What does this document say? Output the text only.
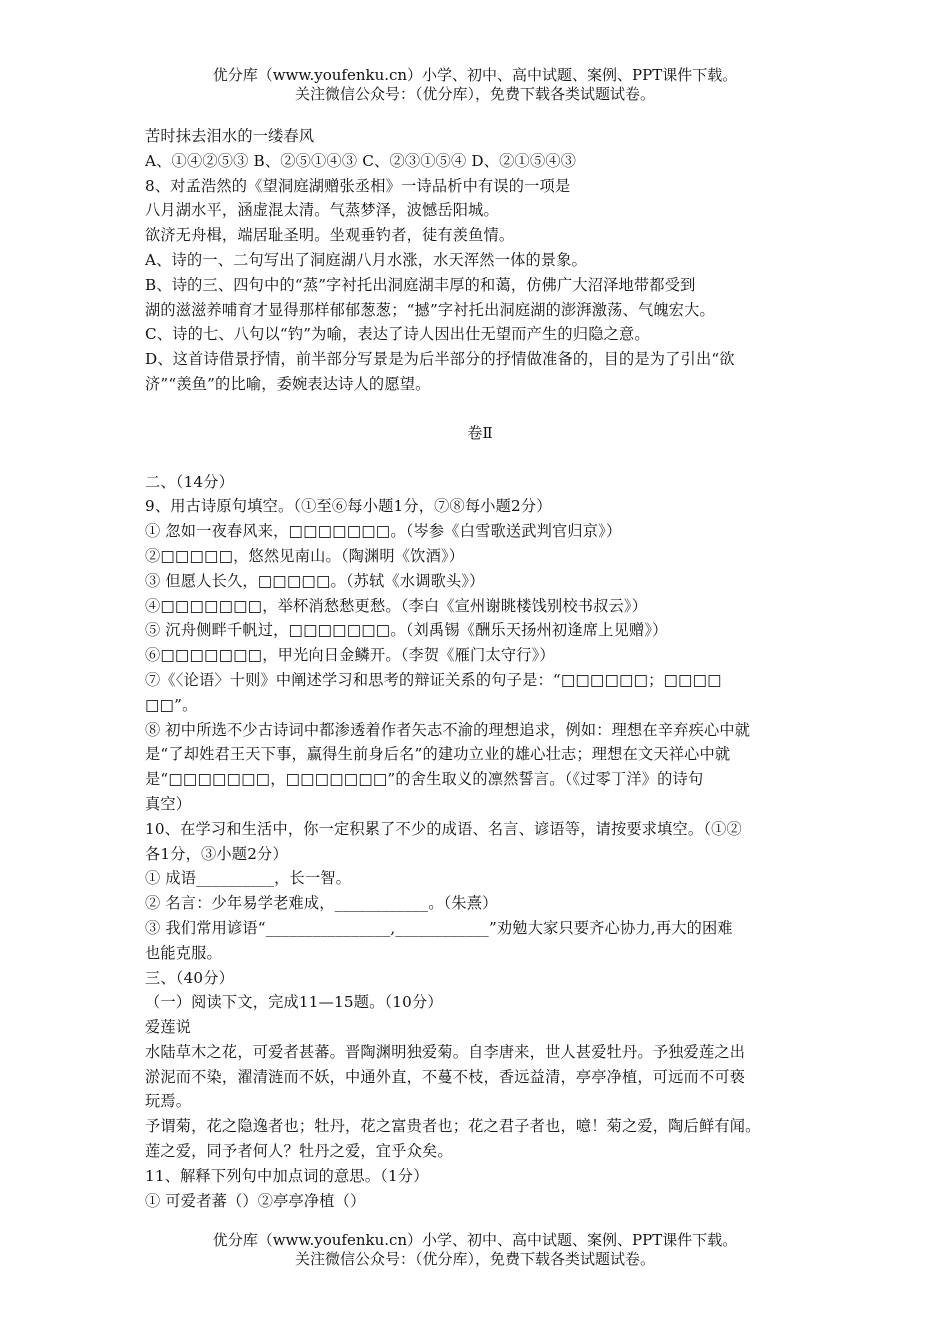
优分库（www.youfenku.cn）小学、初中、高中试题、案例、PPT课件下载。
关注微信公众号：（优分库），免费下载各类试题试卷。
苦时抹去泪水的一缕春风
A、①④②⑤③ B、②⑤①④③ C、②③①⑤④ D、②①⑤④③
8、对孟浩然的《望洞庭湖赠张丞相》一诗品析中有误的一项是
八月湖水平，涵虚混太清。气蒸梦泽，波憾岳阳城。
欲济无舟楫，端居耻圣明。坐观垂钓者，徒有羡鱼情。
A、诗的一、二句写出了洞庭湖八月水涨，水天浑然一体的景象。
B、诗的三、四句中的“蒸”字衬托出洞庭湖丰厚的和蔼，仿佛广大沼泽地带都受到
湖的滋滋养哺育才显得那样郁郁葱葱；“撼”字衬托出洞庭湖的澎湃激荡、气魄宏大。
C、诗的七、八句以“钓”为喻，表达了诗人因出仕无望而产生的归隐之意。
D、这首诗借景抒情，前半部分写景是为后半部分的抒情做准备的，目的是为了引出“欲
济”“羡鱼”的比喻，委婉表达诗人的愿望。
卷Ⅱ
二、（14分）
9、用古诗原句填空。（①至⑥每小题1分，⑦⑧每小题2分）
① 忽如一夜春风来，□□□□□□□。（岑参《白雪歌送武判官归京》）
②□□□□□，悠然见南山。（陶渊明《饮酒》）
③ 但愿人长久，□□□□□。（苏轼《水调歌头》）
④□□□□□□□，举杯消愁愁更愁。（李白《宣州谢眺楼饯别校书叔云》）
⑤ 沉舟侧畔千帆过，□□□□□□□。（刘禹锡《酬乐天扬州初逢席上见赠》）
⑥□□□□□□□，甲光向日金鳞开。（李贺《雁门太守行》）
⑦《〈论语〉十则》中阐述学习和思考的辩证关系的句子是：“□□□□□□；□□□□
□□”。
⑧ 初中所选不少古诗词中都渗透着作者矢志不渝的理想追求，例如：理想在辛弃疾心中就
是“了却姓君王天下事，赢得生前身后名”的建功立业的雄心壮志；理想在文天祥心中就
是“□□□□□□□，□□□□□□□”的舍生取义的凛然誓言。（《过零丁洋》的诗句
真空）
10、在学习和生活中，你一定积累了不少的成语、名言、谚语等，请按要求填空。（①②
各1分，③小题2分）
① 成语__________，长一智。
② 名言：少年易学老难成，____________。（朱熹）
③ 我们常用谚语“________________,____________”劝勉大家只要齐心协力,再大的困难
也能克服。
三、（40分）
（一）阅读下文，完成11—15题。（10分）
爱莲说
水陆草木之花，可爱者甚蕃。晋陶渊明独爱菊。自李唐来，世人甚爱牡丹。予独爱莲之出
淤泥而不染，濯清涟而不妖，中通外直，不蔓不枝，香远益清，亭亭净植，可远而不可亵
玩焉。
予谓菊，花之隐逸者也；牡丹，花之富贵者也；花之君子者也，噫！菊之爱，陶后鲜有闻。
莲之爱，同予者何人？牡丹之爱，宜乎众矣。
11、解释下列句中加点词的意思。（1分）
① 可爱者蕃（）②亭亭净植（）
优分库（www.youfenku.cn）小学、初中、高中试题、案例、PPT课件下载。
关注微信公众号：（优分库），免费下载各类试题试卷。
